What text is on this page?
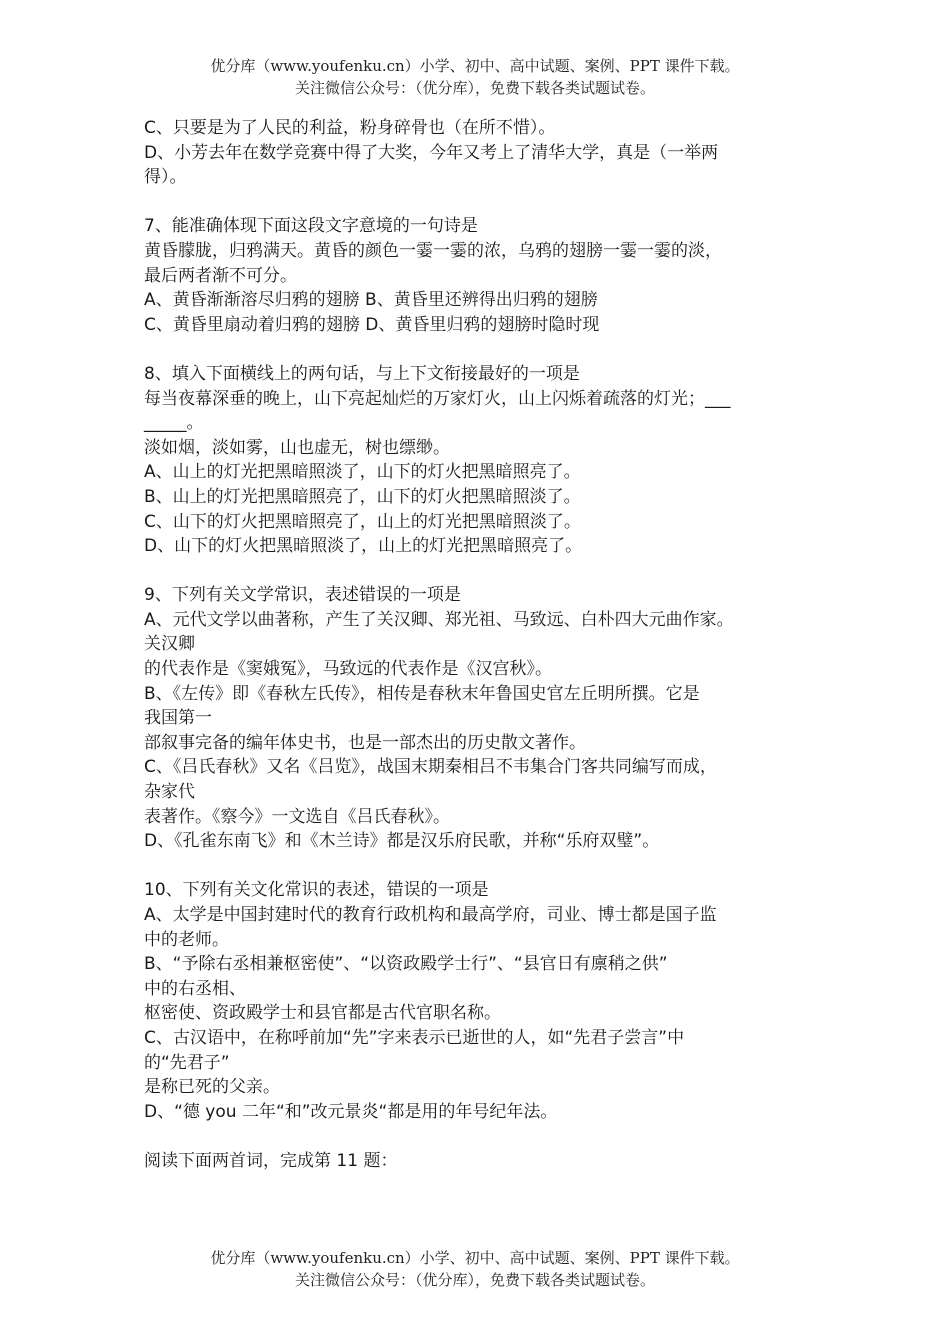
优分库（www.youfenku.cn）小学、初中、高中试题、案例、PPT 课件下载。
关注微信公众号：（优分库），免费下载各类试题试卷。
C、只要是为了人民的利益，粉身碎骨也（在所不惜）。
D、小芳去年在数学竞赛中得了大奖，今年又考上了清华大学，真是（一举两
得）。
7、能准确体现下面这段文字意境的一句诗是
黄昏朦胧，归鸦满天。黄昏的颜色一霎一霎的浓，乌鸦的翅膀一霎一霎的淡，
最后两者渐不可分。
A、黄昏渐渐溶尽归鸦的翅膀 B、黄昏里还辨得出归鸦的翅膀
C、黄昏里扇动着归鸦的翅膀 D、黄昏里归鸦的翅膀时隐时现
8、填入下面横线上的两句话，与上下文衔接最好的一项是
每当夜幕深垂的晚上，山下亮起灿烂的万家灯火，山上闪烁着疏落的灯光；___
_____。
淡如烟，淡如雾，山也虚无，树也缥缈。
A、山上的灯光把黑暗照淡了，山下的灯火把黑暗照亮了。
B、山上的灯光把黑暗照亮了，山下的灯火把黑暗照淡了。
C、山下的灯火把黑暗照亮了，山上的灯光把黑暗照淡了。
D、山下的灯火把黑暗照淡了，山上的灯光把黑暗照亮了。
9、下列有关文学常识，表述错误的一项是
A、元代文学以曲著称，产生了关汉卿、郑光祖、马致远、白朴四大元曲作家。
关汉卿
的代表作是《窦娥冤》，马致远的代表作是《汉宫秋》。
B、《左传》即《春秋左氏传》，相传是春秋末年鲁国史官左丘明所撰。它是
我国第一
部叙事完备的编年体史书，也是一部杰出的历史散文著作。
C、《吕氏春秋》又名《吕览》，战国末期秦相吕不韦集合门客共同编写而成，
杂家代
表著作。《察今》一文选自《吕氏春秋》。
D、《孔雀东南飞》和《木兰诗》都是汉乐府民歌，并称“乐府双璧”。
10、下列有关文化常识的表述，错误的一项是
A、太学是中国封建时代的教育行政机构和最高学府，司业、博士都是国子监
中的老师。
B、“予除右丞相兼枢密使”、“以资政殿学士行”、“县官日有廪稍之供”
中的右丞相、
枢密使、资政殿学士和县官都是古代官职名称。
C、古汉语中，在称呼前加“先”字来表示已逝世的人，如“先君子尝言”中
的“先君子”
是称已死的父亲。
D、“德 you 二年“和”改元景炎“都是用的年号纪年法。
阅读下面两首词，完成第 11 题：
优分库（www.youfenku.cn）小学、初中、高中试题、案例、PPT 课件下载。
关注微信公众号：（优分库），免费下载各类试题试卷。
